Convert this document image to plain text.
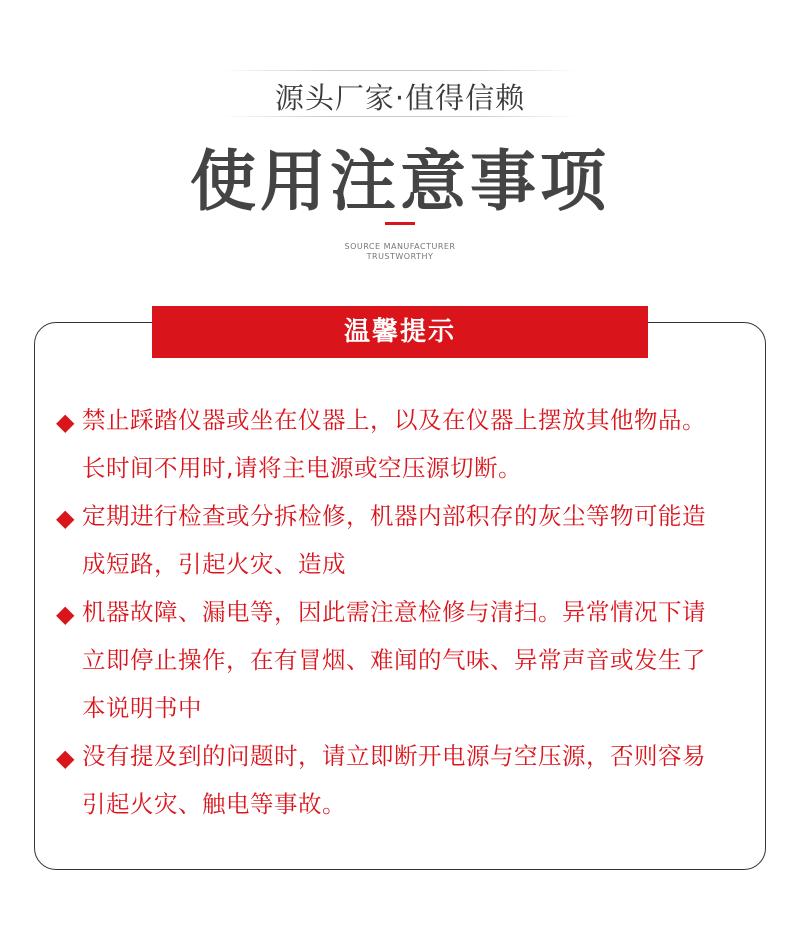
源头厂家·值得信赖
使用注意事项
SOURCE MANUFACTURER
TRUSTWORTHY
温馨提示
◆ 禁止踩踏仪器或坐在仪器上，以及在仪器上摆放其他物品。
长时间不用时,请将主电源或空压源切断。
◆ 定期进行检查或分拆检修，机器内部积存的灰尘等物可能造
成短路，引起火灾、造成
◆ 机器故障、漏电等，因此需注意检修与清扫。异常情况下请
立即停止操作，在有冒烟、难闻的气味、异常声音或发生了
本说明书中
◆ 没有提及到的问题时，请立即断开电源与空压源，否则容易
引起火灾、触电等事故。
